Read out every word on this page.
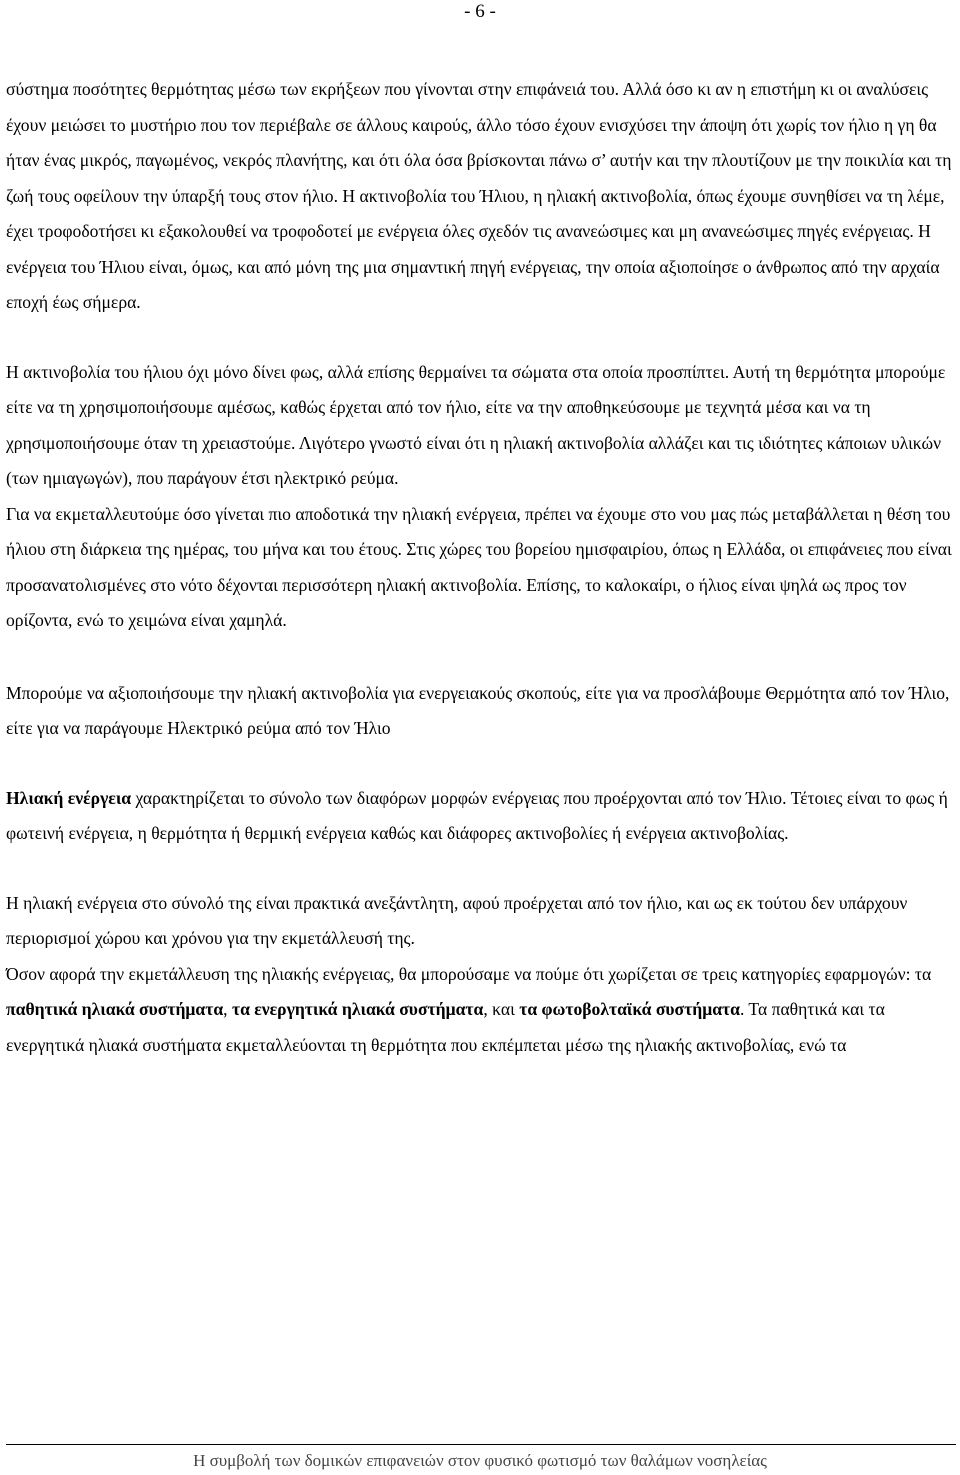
- 6 -

σύστημα ποσότητες θερμότητας μέσω των εκρήξεων που γίνονται στην επιφάνειά του. Αλλά όσο κι αν η επιστήμη κι οι αναλύσεις έχουν μειώσει το μυστήριο που τον περιέβαλε σε άλλους καιρούς, άλλο τόσο έχουν ενισχύσει την άποψη ότι χωρίς τον ήλιο η γη θα ήταν ένας μικρός, παγωμένος, νεκρός πλανήτης, και ότι όλα όσα βρίσκονται πάνω σ’ αυτήν και την πλουτίζουν με την ποικιλία και τη ζωή τους οφείλουν την ύπαρξή τους στον ήλιο. Η ακτινοβολία του Ήλιου, η ηλιακή ακτινοβολία, όπως έχουμε συνηθίσει να τη λέμε, έχει τροφοδοτήσει κι εξακολουθεί να τροφοδοτεί με ενέργεια όλες σχεδόν τις ανανεώσιμες και μη ανανεώσιμες πηγές ενέργειας. Η ενέργεια του Ήλιου είναι, όμως, και από μόνη της μια σημαντική πηγή ενέργειας, την οποία αξιοποίησε ο άνθρωπος από την αρχαία εποχή έως σήμερα.

Η ακτινοβολία του ήλιου όχι μόνο δίνει φως, αλλά επίσης θερμαίνει τα σώματα στα οποία προσπίπτει. Αυτή τη θερμότητα μπορούμε είτε να τη χρησιμοποιήσουμε αμέσως, καθώς έρχεται από τον ήλιο, είτε να την αποθηκεύσουμε με τεχνητά μέσα και να τη χρησιμοποιήσουμε όταν τη χρειαστούμε. Λιγότερο γνωστό είναι ότι η ηλιακή ακτινοβολία αλλάζει και τις ιδιότητες κάποιων υλικών (των ημιαγωγών), που παράγουν έτσι ηλεκτρικό ρεύμα.

Για να εκμεταλλευτούμε όσο γίνεται πιο αποδοτικά την ηλιακή ενέργεια, πρέπει να έχουμε στο νου μας πώς μεταβάλλεται η θέση του ήλιου στη διάρκεια της ημέρας, του μήνα και του έτους. Στις χώρες του βορείου ημισφαιρίου, όπως η Ελλάδα, οι επιφάνειες που είναι προσανατολισμένες στο νότο δέχονται περισσότερη ηλιακή ακτινοβολία. Επίσης, το καλοκαίρι, ο ήλιος είναι ψηλά ως προς τον ορίζοντα, ενώ το χειμώνα είναι χαμηλά.

Μπορούμε να αξιοποιήσουμε την ηλιακή ακτινοβολία για ενεργειακούς σκοπούς, είτε για να προσλάβουμε Θερμότητα από τον Ήλιο, είτε για να παράγουμε Ηλεκτρικό ρεύμα από τον Ήλιο

Ηλιακή ενέργεια χαρακτηρίζεται το σύνολο των διαφόρων μορφών ενέργειας που προέρχονται από τον Ήλιο. Τέτοιες είναι το φως ή φωτεινή ενέργεια, η θερμότητα ή θερμική ενέργεια καθώς και διάφορες ακτινοβολίες ή ενέργεια ακτινοβολίας.

Η ηλιακή ενέργεια στο σύνολό της είναι πρακτικά ανεξάντλητη, αφού προέρχεται από τον ήλιο, και ως εκ τούτου δεν υπάρχουν περιορισμοί χώρου και χρόνου για την εκμετάλλευσή της.

Όσον αφορά την εκμετάλλευση της ηλιακής ενέργειας, θα μπορούσαμε να πούμε ότι χωρίζεται σε τρεις κατηγορίες εφαρμογών: τα παθητικά ηλιακά συστήματα, τα ενεργητικά ηλιακά συστήματα, και τα φωτοβολταϊκά συστήματα. Τα παθητικά και τα ενεργητικά ηλιακά συστήματα εκμεταλλεύονται τη θερμότητα που εκπέμπεται μέσω της ηλιακής ακτινοβολίας, ενώ τα

Η συμβολή των δομικών επιφανειών στον φυσικό φωτισμό των θαλάμων νοσηλείας
